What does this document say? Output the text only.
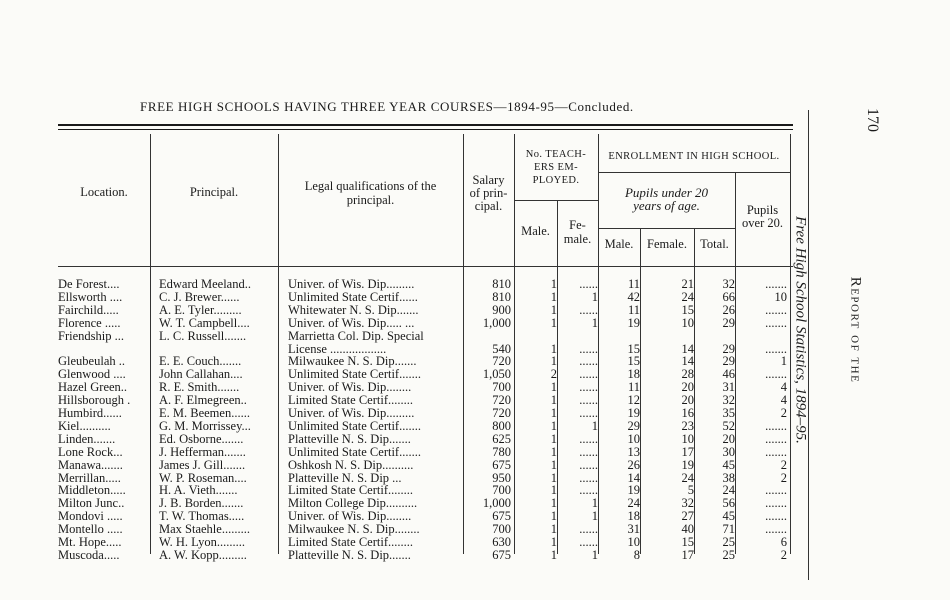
FREE HIGH SCHOOLS HAVING THREE YEAR COURSES—1894-95—Concluded.
Location.	Principal.	Legal qualifications of the
principal.
Salary
of prin-
cipal.
No. TEACH-
ERS EM-
PLOYED.
Male.	Fe-
male.
ENROLLMENT IN HIGH SCHOOL.
Pupils under 20
years of age.
Male.	Female.	Total.
Pupils
over 20.
De Forest....	Edward Meeland..	Univer. of Wis. Dip.........	810	1	......	11	21	32	.......
Ellsworth ....	C. J. Brewer......	Unlimited State Certif......	810	1	1	42	24	66	10
Fairchild.....	A. E. Tyler.........	Whitewater N. S. Dip.......	900	1	......	11	15	26	.......
Florence .....	W. T. Campbell....	Univer. of Wis. Dip..... ...	1,000	1	1	19	10	29	.......
Friendship ...	L. C. Russell.......	Marrietta Col. Dip. Special
License ..................	540	1	......	15	14	29	.......
Gleubeulah ..	E. E. Couch.......	Milwaukee N. S. Dip.......	720	1	......	15	14	29	1
Glenwood ....	John Callahan....	Unlimited State Certif.......	1,050	2	......	18	28	46	.......
Hazel Green..	R. E. Smith.......	Univer. of Wis. Dip........	700	1	......	11	20	31	4
Hillsborough .	A. F. Elmegreen..	Limited State Certif........	720	1	......	12	20	32	4
Humbird......	E. M. Beemen......	Univer. of Wis. Dip.........	720	1	......	19	16	35	2
Kiel..........	G. M. Morrissey...	Unlimited State Certif.......	800	1	1	29	23	52	.......
Linden.......	Ed. Osborne.......	Platteville N. S. Dip.......	625	1	......	10	10	20	.......
Lone Rock...	J. Hefferman.......	Unlimited State Certif.......	780	1	......	13	17	30	.......
Manawa.......	James J. Gill.......	Oshkosh N. S. Dip..........	675	1	......	26	19	45	2
Merrillan.....	W. P. Roseman....	Platteville N. S. Dip ...	950	1	......	14	24	38	2
Middleton.....	H. A. Vieth.......	Limited State Certif........	700	1	......	19	5	24	.......
Milton Junc..	J. B. Borden.......	Milton College Dip..........	1,000	1	1	24	32	56	.......
Mondovi .....	T. W. Thomas.....	Univer. of Wis. Dip........	675	1	1	18	27	45	.......
Montello .....	Max Staehle.........	Milwaukee N. S. Dip........	700	1	......	31	40	71	.......
Mt. Hope.....	W. H. Lyon.........	Limited State Certif........	630	1	......	10	15	25	6
Muscoda.....	A. W. Kopp.........	Platteville N. S. Dip.......	675	1	1	8	17	25	2
Free High School Statistics, 1894–95.	Report of the
170
